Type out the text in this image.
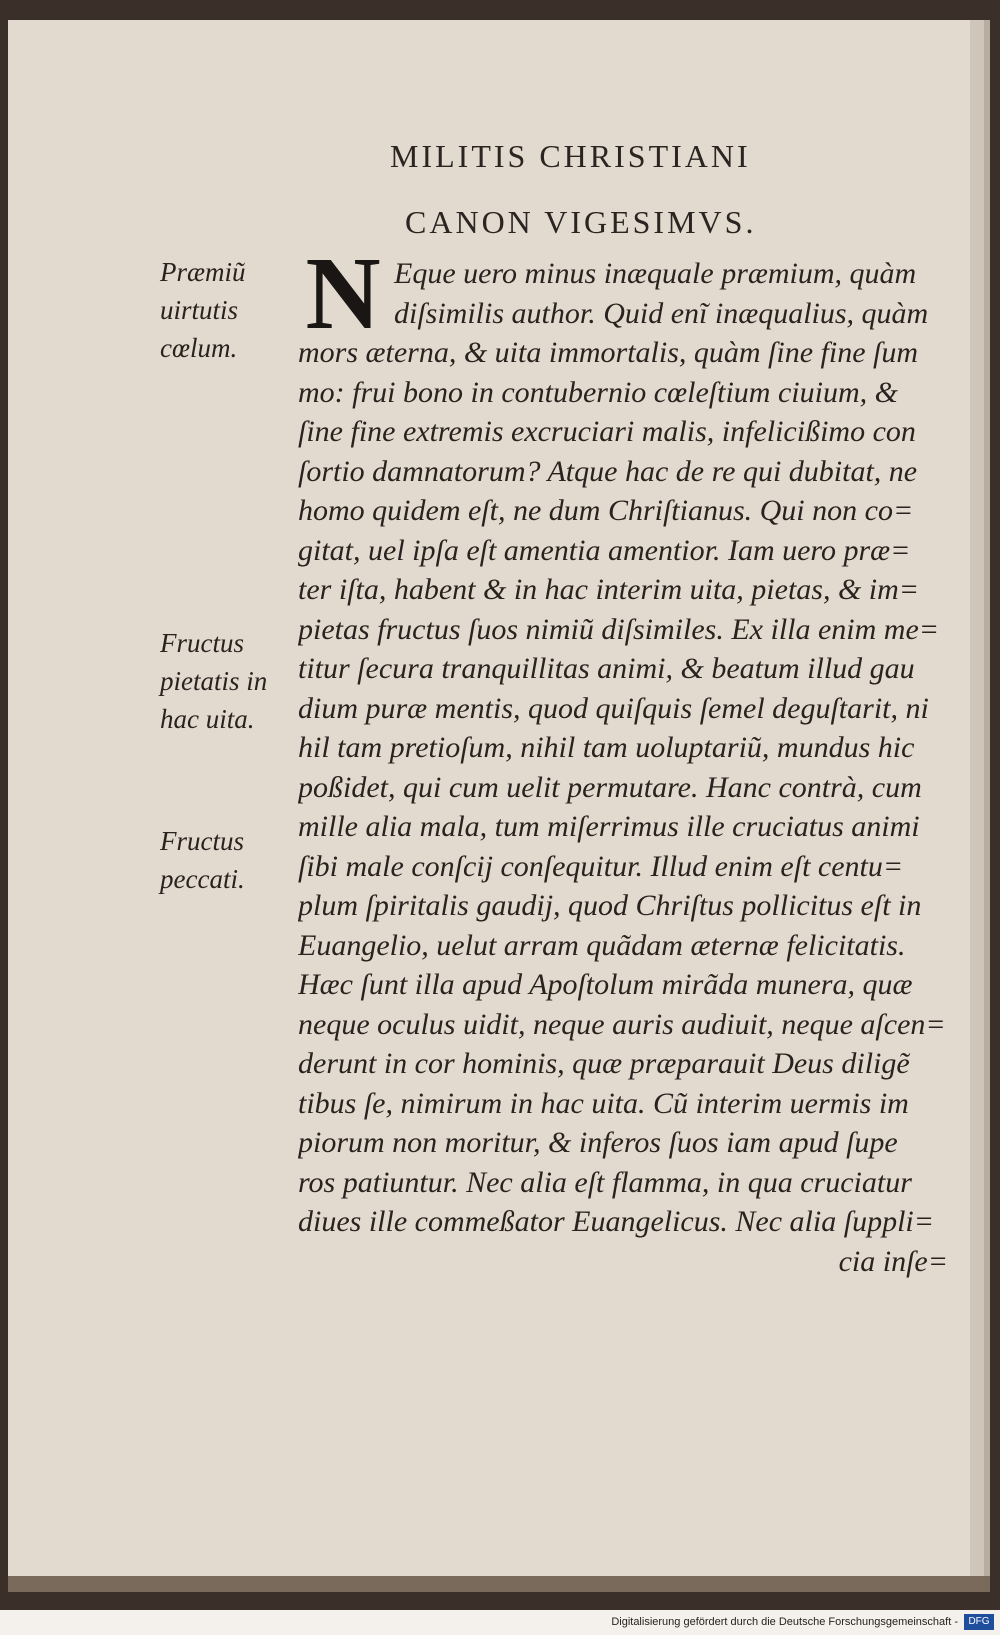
MILITIS CHRISTIANI
CANON VIGESIMVS.
N
Præmiũ
uirtutis
cœlum.
Fructus
pietatis in
hac uita.
Fructus
peccati.
Eque uero minus inæquale præmium, quàm
diſsimilis author. Quid enĩ inæqualius, quàm
mors æterna, & uita immortalis, quàm ſine fine ſum
mo: frui bono in contubernio cœleſtium ciuium, &
ſine fine extremis excruciari malis, infelicißimo con
ſortio damnatorum? Atque hac de re qui dubitat, ne
homo quidem eſt, ne dum Chriſtianus. Qui non co=
gitat, uel ipſa eſt amentia amentior. Iam uero præ=
ter iſta, habent & in hac interim uita, pietas, & im=
pietas fructus ſuos nimiũ diſsimiles. Ex illa enim me=
titur ſecura tranquillitas animi, & beatum illud gau
dium puræ mentis, quod quiſquis ſemel deguſtarit, ni
hil tam pretioſum, nihil tam uoluptariũ, mundus hic
poßidet, qui cum uelit permutare. Hanc contrà, cum
mille alia mala, tum miſerrimus ille cruciatus animi
ſibi male conſcij conſequitur. Illud enim eſt centu=
plum ſpiritalis gaudij, quod Chriſtus pollicitus eſt in
Euangelio, uelut arram quãdam æternæ felicitatis.
Hæc ſunt illa apud Apoſtolum mirãda munera, quæ
neque oculus uidit, neque auris audiuit, neque aſcen=
derunt in cor hominis, quæ præparauit Deus diligẽ
tibus ſe, nimirum in hac uita. Cũ interim uermis im
piorum non moritur, & inferos ſuos iam apud ſupe
ros patiuntur. Nec alia eſt flamma, in qua cruciatur
diues ille commeßator Euangelicus. Nec alia ſuppli=
cia inſe=
Digitalisierung gefördert durch die Deutsche Forschungsgemeinschaft -	DFG
